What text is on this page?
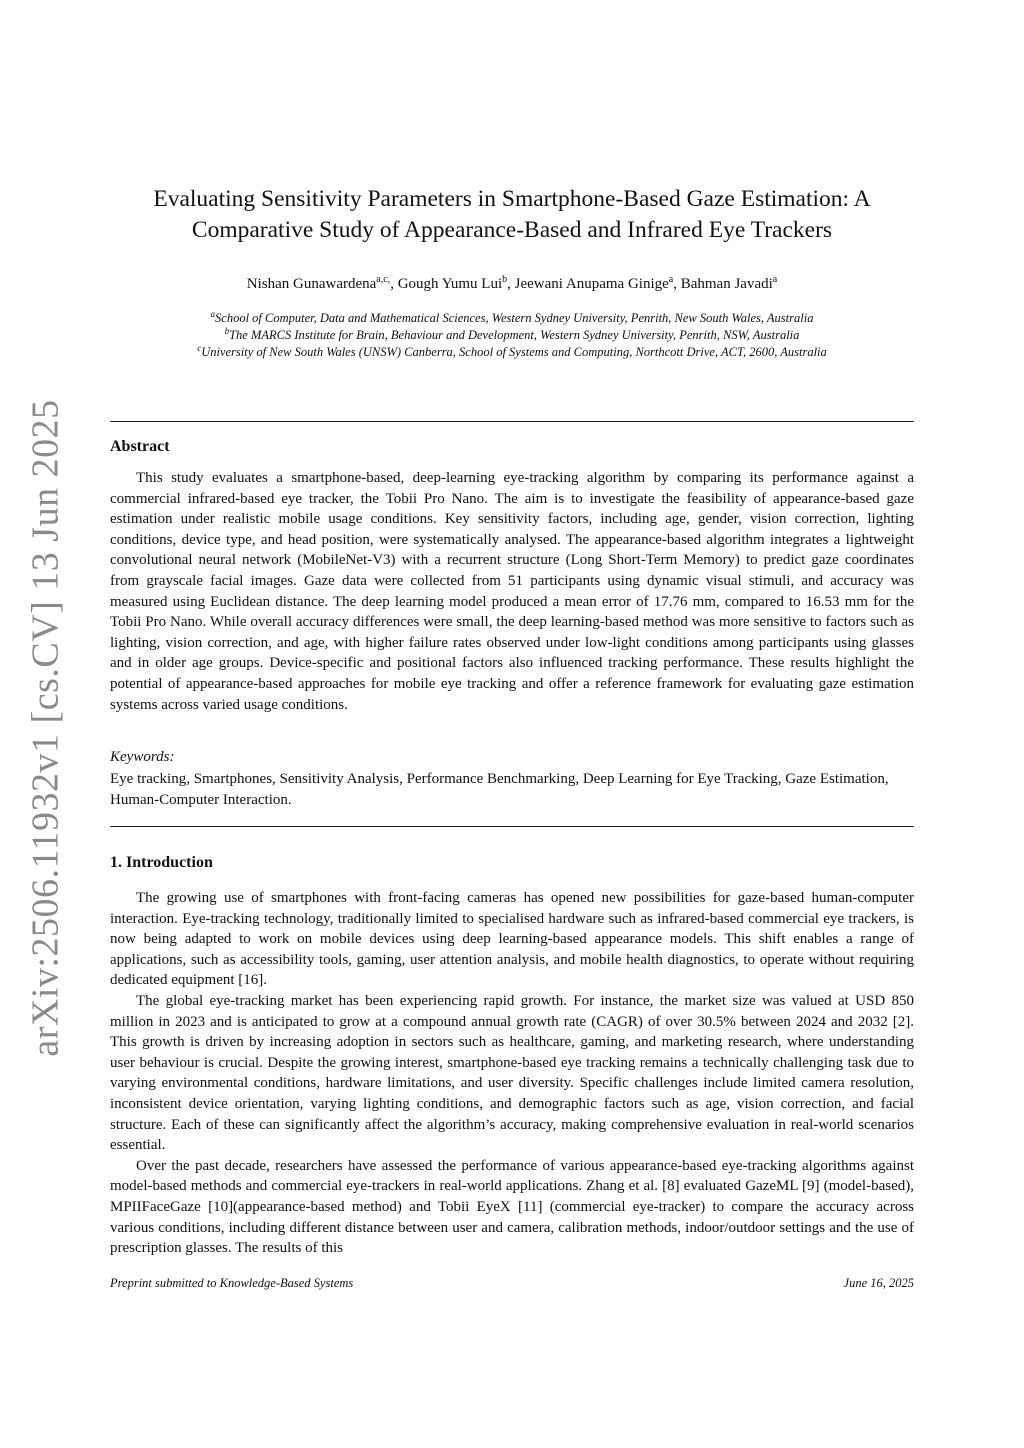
arXiv:2506.11932v1 [cs.CV] 13 Jun 2025
Evaluating Sensitivity Parameters in Smartphone-Based Gaze Estimation: A
Comparative Study of Appearance-Based and Infrared Eye Trackers
Nishan Gunawardena$^{a,c,}$, Gough Yumu Lui$^b$, Jeewani Anupama Ginige$^a$, Bahman Javadi$^a$
$^a$School of Computer, Data and Mathematical Sciences, Western Sydney University, Penrith, New South Wales, Australia
$^b$The MARCS Institute for Brain, Behaviour and Development, Western Sydney University, Penrith, NSW, Australia
$^c$University of New South Wales (UNSW) Canberra, School of Systems and Computing, Northcott Drive, ACT, 2600, Australia
Abstract

This study evaluates a smartphone-based, deep-learning eye-tracking algorithm by comparing its performance against a commercial infrared-based eye tracker, the Tobii Pro Nano. The aim is to investigate the feasibility of appearance-based gaze estimation under realistic mobile usage conditions. Key sensitivity factors, including age, gender, vision correction, lighting conditions, device type, and head position, were systematically analysed. The appearance-based algorithm integrates a lightweight convolutional neural network (MobileNet-V3) with a recurrent structure (Long Short-Term Memory) to predict gaze coordinates from grayscale facial images. Gaze data were collected from 51 participants using dynamic visual stimuli, and accuracy was measured using Euclidean distance. The deep learning model produced a mean error of 17.76 mm, compared to 16.53 mm for the Tobii Pro Nano. While overall accuracy differences were small, the deep learning-based method was more sensitive to factors such as lighting, vision correction, and age, with higher failure rates observed under low-light conditions among participants using glasses and in older age groups. Device-specific and positional factors also influenced tracking performance. These results highlight the potential of appearance-based approaches for mobile eye tracking and offer a reference framework for evaluating gaze estimation systems across varied usage conditions.

Keywords:

Eye tracking, Smartphones, Sensitivity Analysis, Performance Benchmarking, Deep Learning for Eye Tracking, Gaze Estimation, Human-Computer Interaction.

1. Introduction

The growing use of smartphones with front-facing cameras has opened new possibilities for gaze-based human-computer interaction. Eye-tracking technology, traditionally limited to specialised hardware such as infrared-based commercial eye trackers, is now being adapted to work on mobile devices using deep learning-based appearance models. This shift enables a range of applications, such as accessibility tools, gaming, user attention analysis, and mobile health diagnostics, to operate without requiring dedicated equipment [16].

The global eye-tracking market has been experiencing rapid growth. For instance, the market size was valued at USD 850 million in 2023 and is anticipated to grow at a compound annual growth rate (CAGR) of over 30.5% between 2024 and 2032 [2]. This growth is driven by increasing adoption in sectors such as healthcare, gaming, and marketing research, where understanding user behaviour is crucial. Despite the growing interest, smartphone-based eye tracking remains a technically challenging task due to varying environmental conditions, hardware limitations, and user diversity. Specific challenges include limited camera resolution, inconsistent device orientation, varying lighting conditions, and demographic factors such as age, vision correction, and facial structure. Each of these can significantly affect the algorithm’s accuracy, making comprehensive evaluation in real-world scenarios essential.

Over the past decade, researchers have assessed the performance of various appearance-based eye-tracking algorithms against model-based methods and commercial eye-trackers in real-world applications. Zhang et al. [8] evaluated GazeML [9] (model-based), MPIIFaceGaze [10](appearance-based method) and Tobii EyeX [11] (commercial eye-tracker) to compare the accuracy across various conditions, including different distance between user and camera, calibration methods, indoor/outdoor settings and the use of prescription glasses. The results of this

Preprint submitted to Knowledge-Based Systems	June 16, 2025
